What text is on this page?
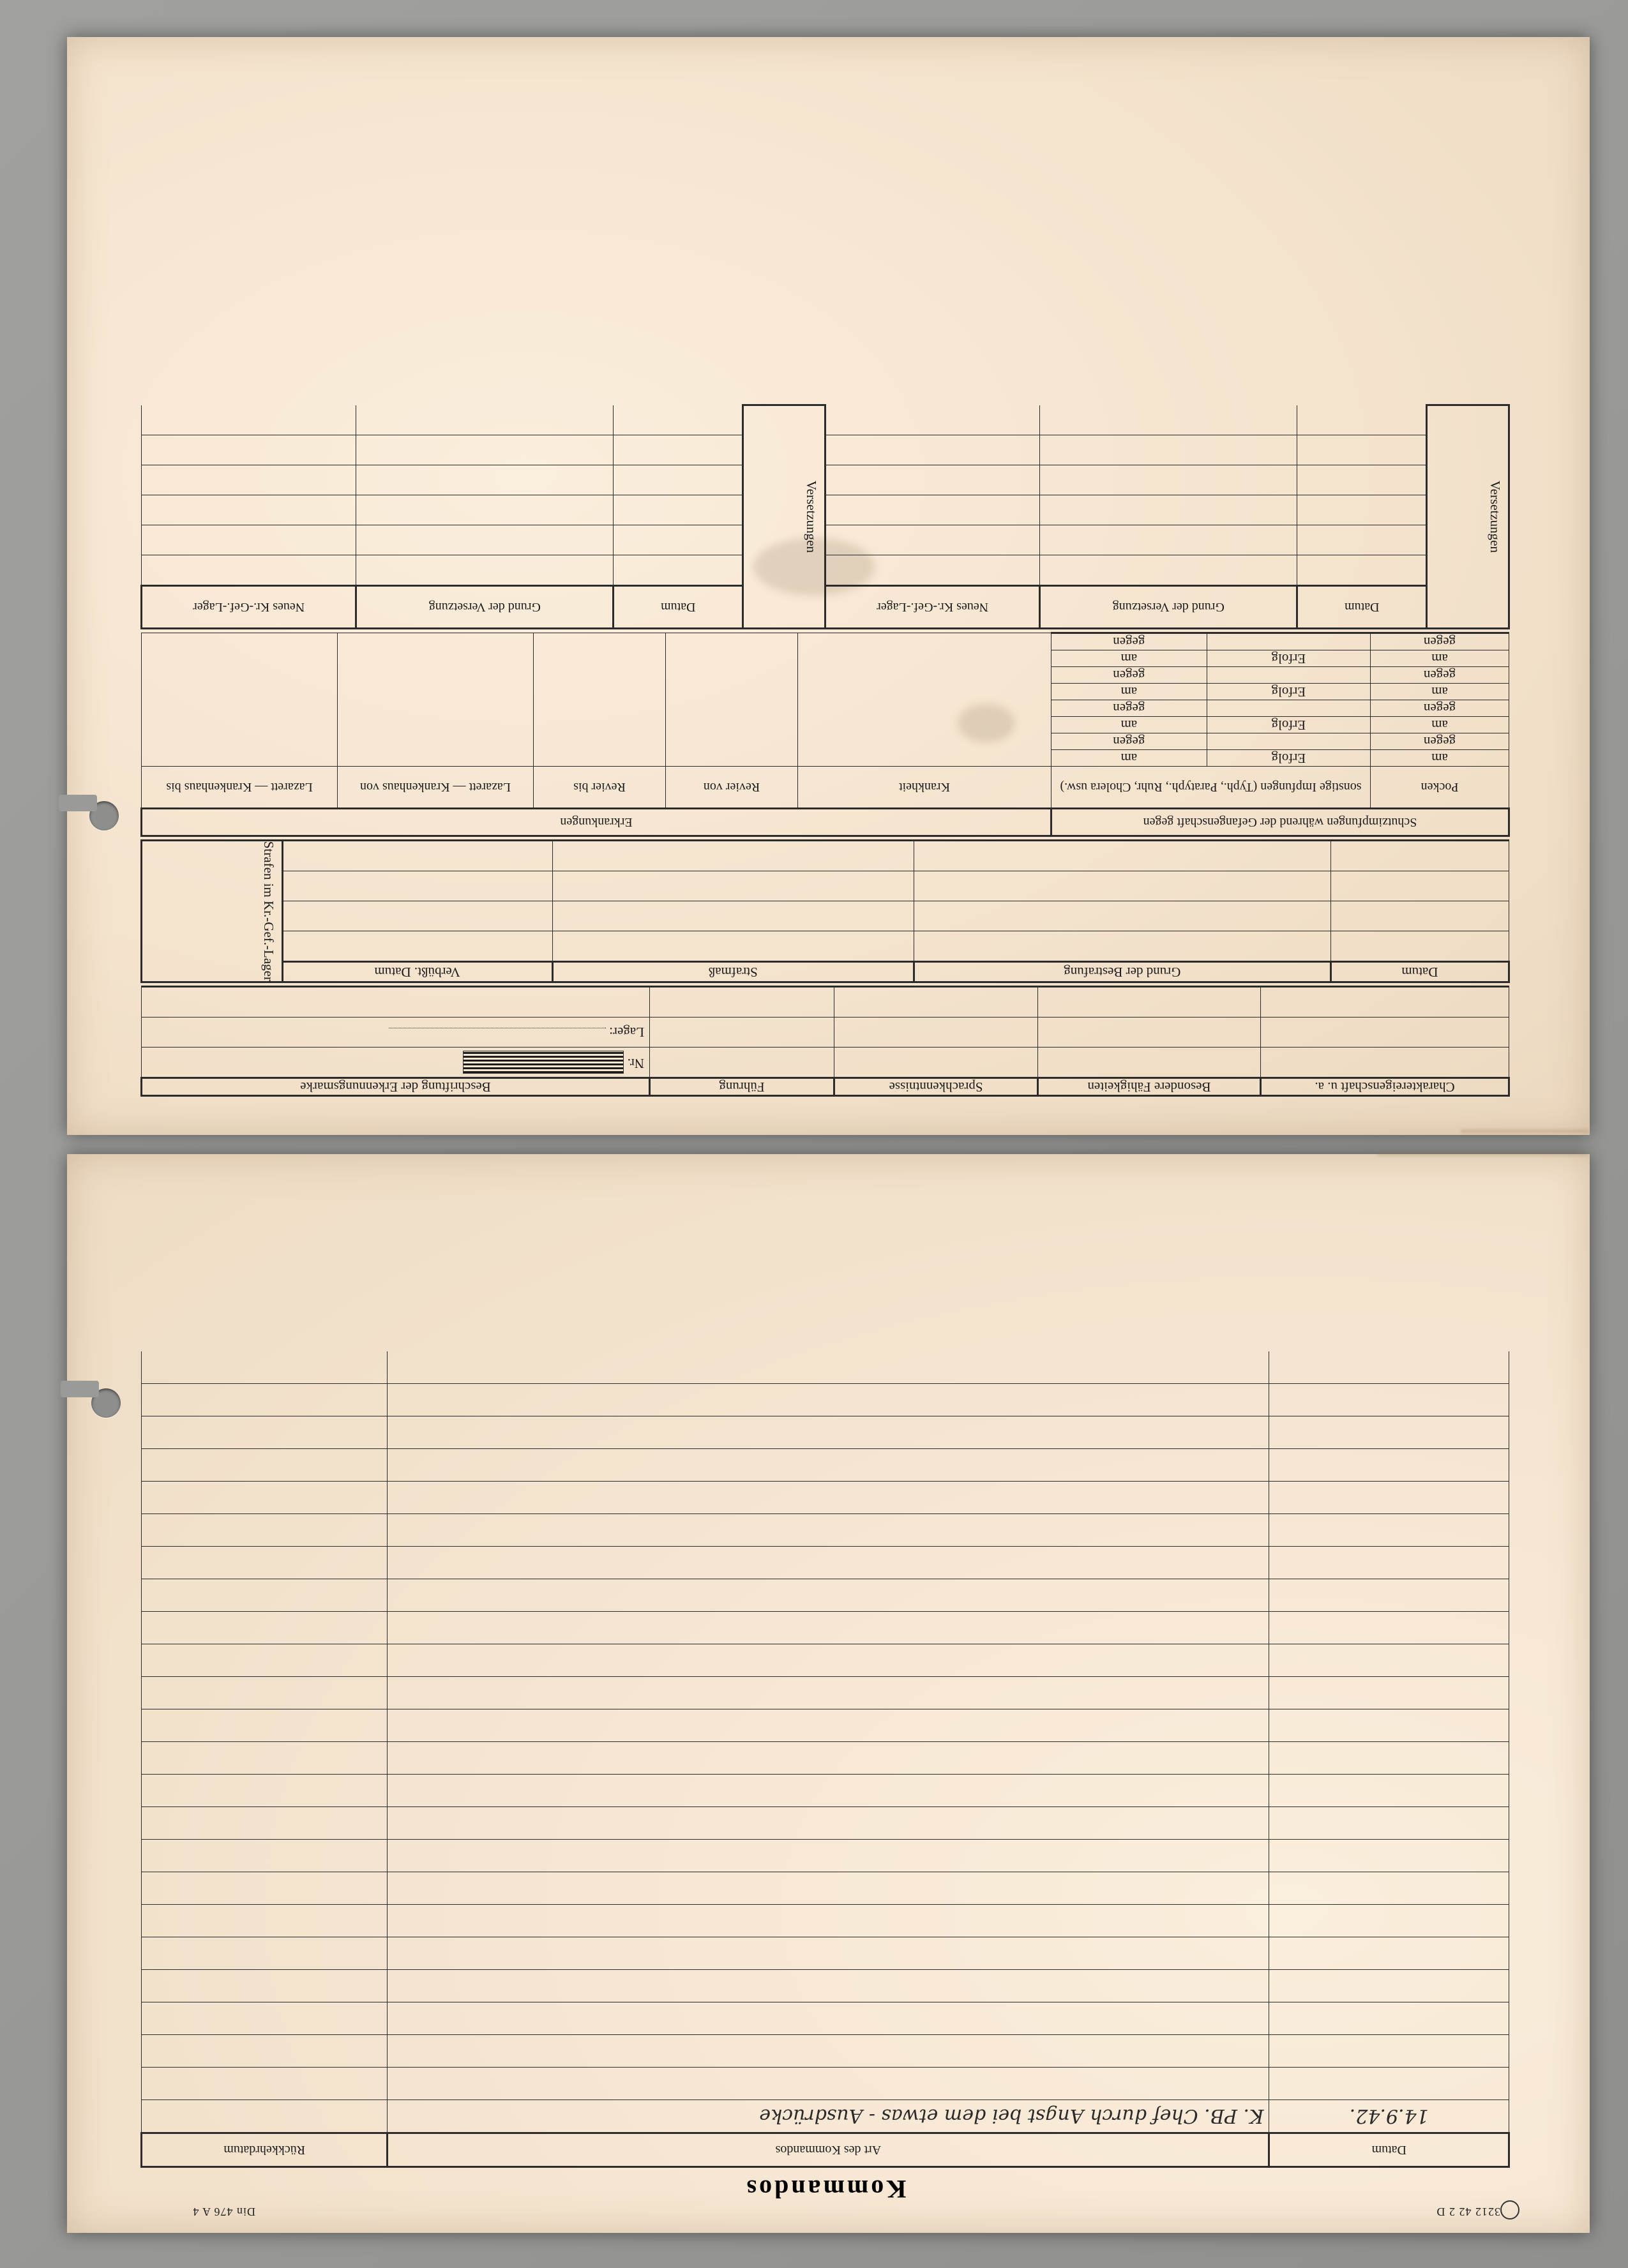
Kommandos
Datum	Art des Kommandos	Rückkehrdatum
14.9.42.	K. PB. Chef durch Angst bei dem etwas - Ausdrücke	

Din 476 A 4	3212 42 2 D
Charaktereigenschaft u. a.	Besondere Fähigkeiten	Sprachkenntnisse	Führung	Beschriftung der Erkennungsmarke
				Nr.
				Lager:

Datum	Grund der Bestrafung	Strafmaß	Verbüßt. Datum	Strafen im Kr.-Gef.-Lager

Schutzimpfungen während der Gefangenschaft gegen			Erkrankungen				
Pocken	sonstige Impfungen (Typh., Paratyph., Ruhr, Cholera usw.)		Krankheit	Revier von	Revier bis	Lazarett — Krankenhaus von	Lazarett — Krankenhaus bis
am	Erfolg	am					
gegen		gegen					
am	Erfolg	am					
gegen		gegen					
am	Erfolg	am					
gegen		gegen					
am	Erfolg	am					
gegen		gegen					
Versetzungen	Datum	Grund der Versetzung	Neues Kr.-Gef.-Lager	Versetzungen	Datum	Grund der Versetzung	Neues Kr.-Gef.-Lager
